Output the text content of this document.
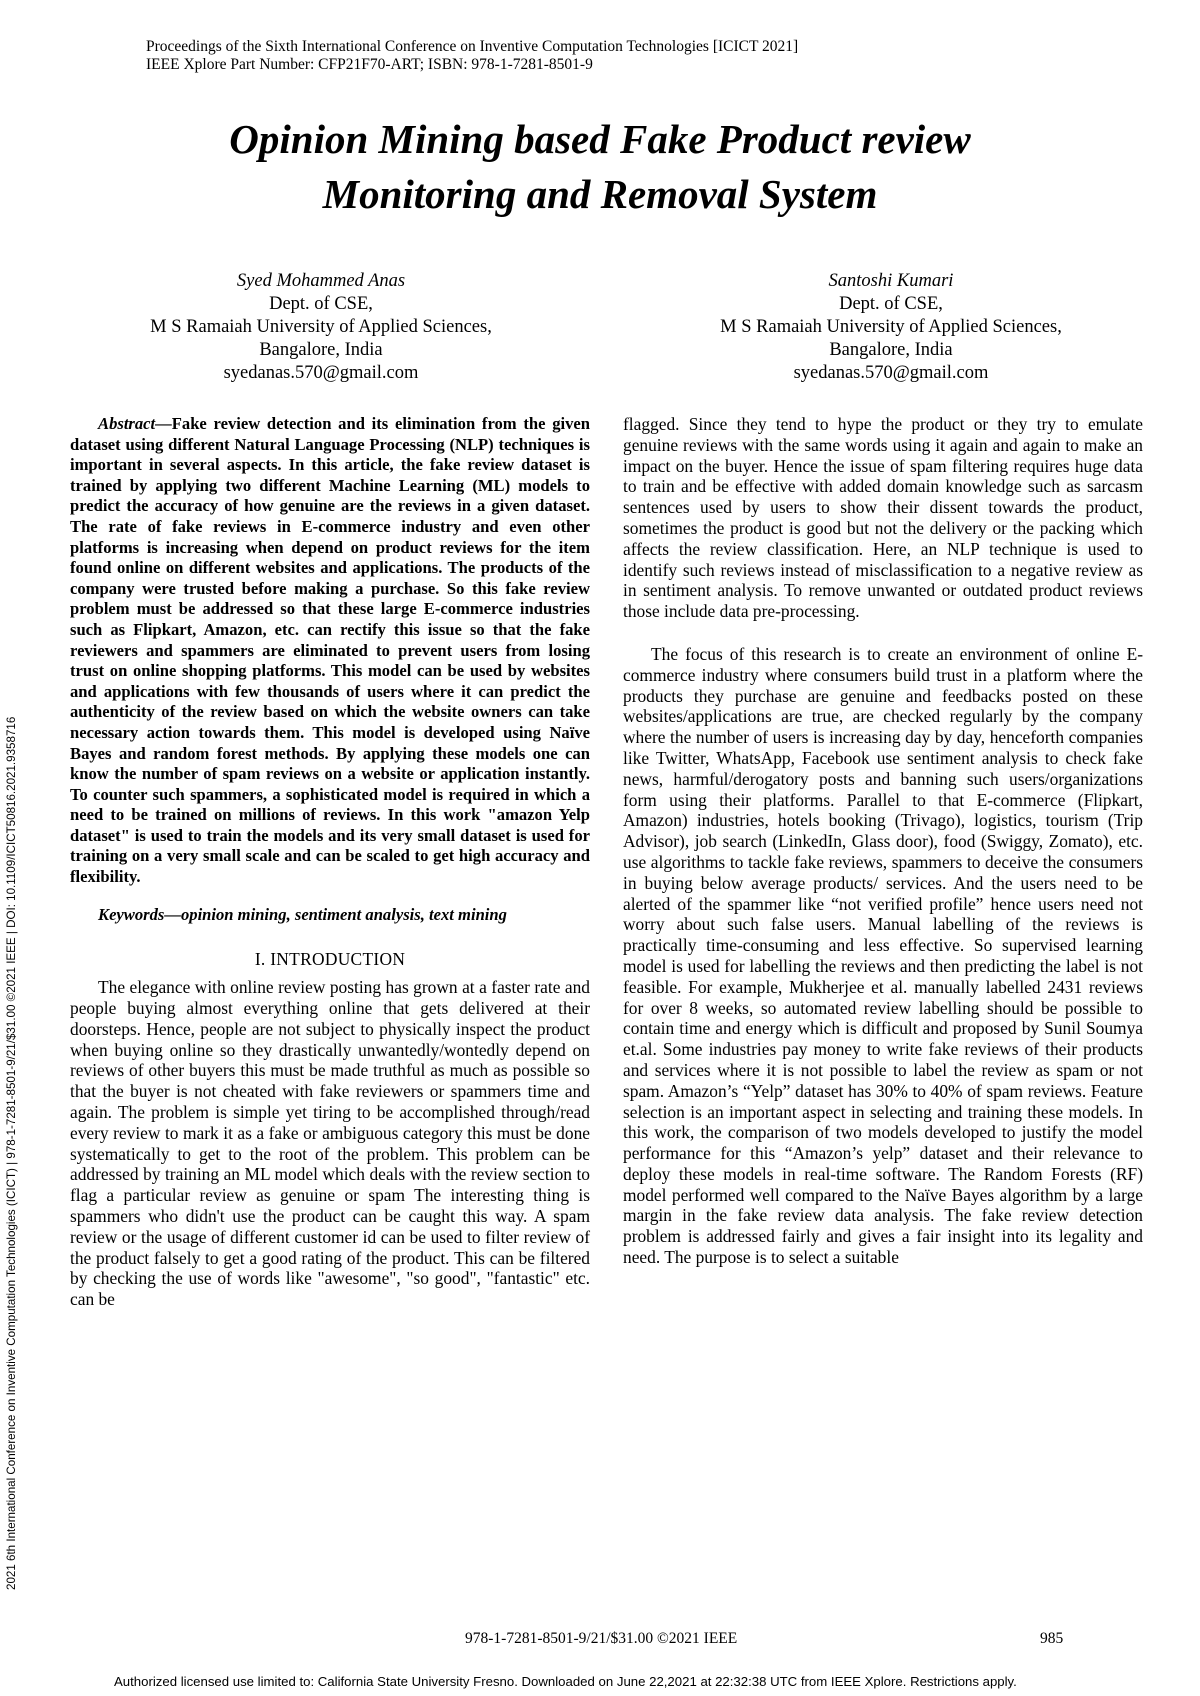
Proceedings of the Sixth International Conference on Inventive Computation Technologies [ICICT 2021]
IEEE Xplore Part Number: CFP21F70-ART; ISBN: 978-1-7281-8501-9
Opinion Mining based Fake Product review
Monitoring and Removal System
Syed Mohammed Anas
Dept. of CSE,
M S Ramaiah University of Applied Sciences,
Bangalore, India
syedanas.570@gmail.com
Santoshi Kumari
Dept. of CSE,
M S Ramaiah University of Applied Sciences,
Bangalore, India
syedanas.570@gmail.com
2021 6th International Conference on Inventive Computation Technologies (ICICT) | 978-1-7281-8501-9/21/$31.00 ©2021 IEEE | DOI: 10.1109/ICICT50816.2021.9358716

Abstract—Fake review detection and its elimination from the given dataset using different Natural Language Processing (NLP) techniques is important in several aspects. In this article, the fake review dataset is trained by applying two different Machine Learning (ML) models to predict the accuracy of how genuine are the reviews in a given dataset. The rate of fake reviews in E-commerce industry and even other platforms is increasing when depend on product reviews for the item found online on different websites and applications. The products of the company were trusted before making a purchase. So this fake review problem must be addressed so that these large E-commerce industries such as Flipkart, Amazon, etc. can rectify this issue so that the fake reviewers and spammers are eliminated to prevent users from losing trust on online shopping platforms. This model can be used by websites and applications with few thousands of users where it can predict the authenticity of the review based on which the website owners can take necessary action towards them. This model is developed using Naïve Bayes and random forest methods. By applying these models one can know the number of spam reviews on a website or application instantly. To counter such spammers, a sophisticated model is required in which a need to be trained on millions of reviews. In this work "amazon Yelp dataset" is used to train the models and its very small dataset is used for training on a very small scale and can be scaled to get high accuracy and flexibility.

Keywords—opinion mining, sentiment analysis, text mining

I. INTRODUCTION

The elegance with online review posting has grown at a faster rate and people buying almost everything online that gets delivered at their doorsteps. Hence, people are not subject to physically inspect the product when buying online so they drastically unwantedly/wontedly depend on reviews of other buyers this must be made truthful as much as possible so that the buyer is not cheated with fake reviewers or spammers time and again. The problem is simple yet tiring to be accomplished through/read every review to mark it as a fake or ambiguous category this must be done systematically to get to the root of the problem. This problem can be addressed by training an ML model which deals with the review section to flag a particular review as genuine or spam The interesting thing is spammers who didn't use the product can be caught this way. A spam review or the usage of different customer id can be used to filter review of the product falsely to get a good rating of the product. This can be filtered by checking the use of words like "awesome", "so good", "fantastic" etc. can be

flagged. Since they tend to hype the product or they try to emulate genuine reviews with the same words using it again and again to make an impact on the buyer. Hence the issue of spam filtering requires huge data to train and be effective with added domain knowledge such as sarcasm sentences used by users to show their dissent towards the product, sometimes the product is good but not the delivery or the packing which affects the review classification. Here, an NLP technique is used to identify such reviews instead of misclassification to a negative review as in sentiment analysis. To remove unwanted or outdated product reviews those include data pre-processing.

The focus of this research is to create an environment of online E-commerce industry where consumers build trust in a platform where the products they purchase are genuine and feedbacks posted on these websites/applications are true, are checked regularly by the company where the number of users is increasing day by day, henceforth companies like Twitter, WhatsApp, Facebook use sentiment analysis to check fake news, harmful/derogatory posts and banning such users/organizations form using their platforms. Parallel to that E-commerce (Flipkart, Amazon) industries, hotels booking (Trivago), logistics, tourism (Trip Advisor), job search (LinkedIn, Glass door), food (Swiggy, Zomato), etc. use algorithms to tackle fake reviews, spammers to deceive the consumers in buying below average products/ services. And the users need to be alerted of the spammer like “not verified profile” hence users need not worry about such false users. Manual labelling of the reviews is practically time-consuming and less effective. So supervised learning model is used for labelling the reviews and then predicting the label is not feasible. For example, Mukherjee et al. manually labelled 2431 reviews for over 8 weeks, so automated review labelling should be possible to contain time and energy which is difficult and proposed by Sunil Soumya et.al. Some industries pay money to write fake reviews of their products and services where it is not possible to label the review as spam or not spam. Amazon’s “Yelp” dataset has 30% to 40% of spam reviews. Feature selection is an important aspect in selecting and training these models. In this work, the comparison of two models developed to justify the model performance for this “Amazon’s yelp” dataset and their relevance to deploy these models in real-time software. The Random Forests (RF) model performed well compared to the Naïve Bayes algorithm by a large margin in the fake review data analysis. The fake review detection problem is addressed fairly and gives a fair insight into its legality and need. The purpose is to select a suitable

978-1-7281-8501-9/21/$31.00 ©2021 IEEE	985
Authorized licensed use limited to: California State University Fresno. Downloaded on June 22,2021 at 22:32:38 UTC from IEEE Xplore. Restrictions apply.
